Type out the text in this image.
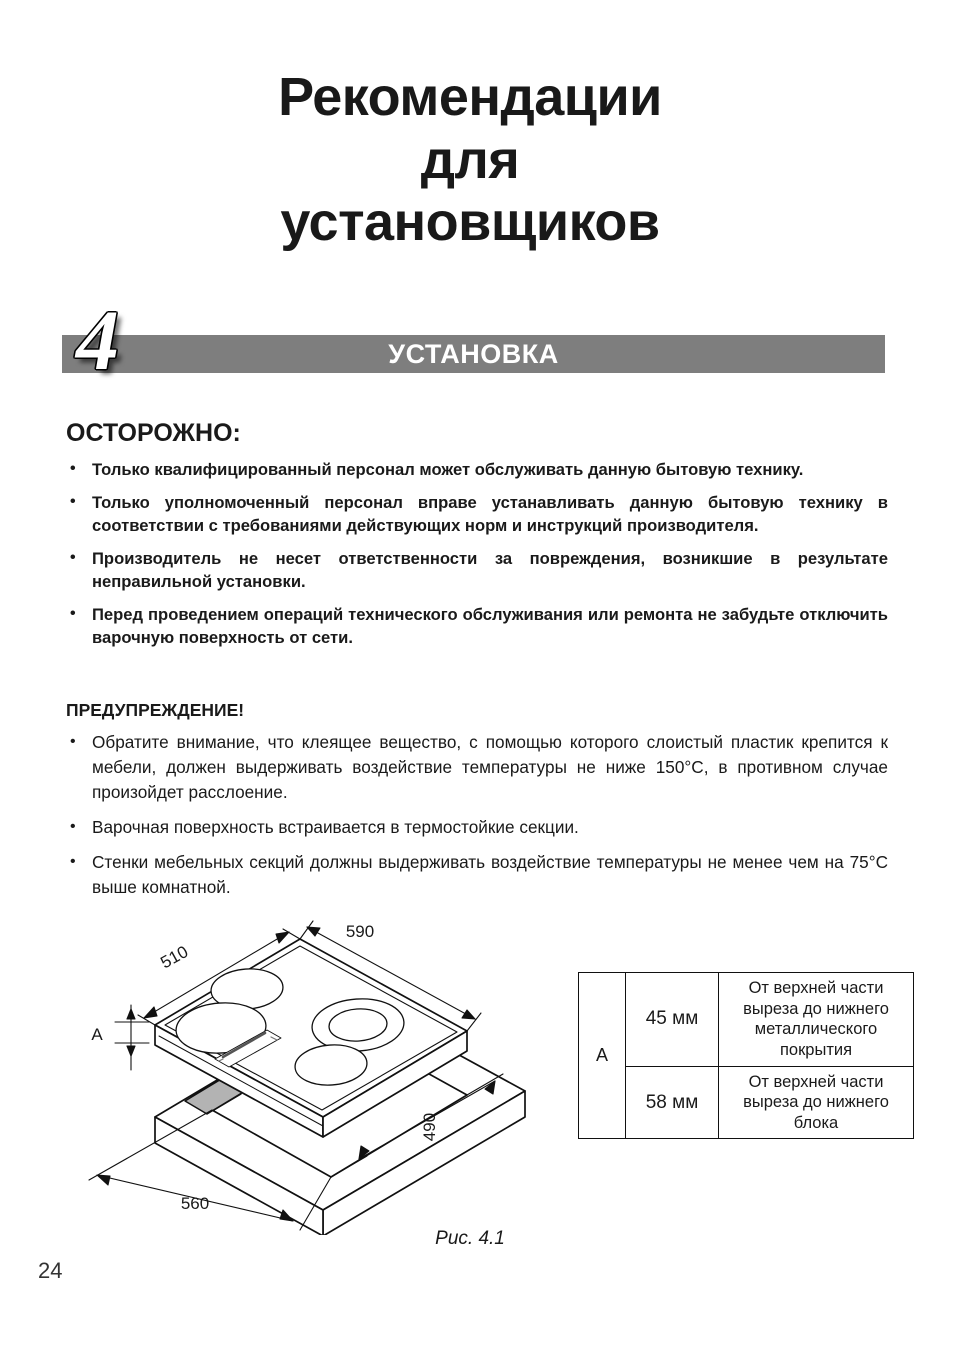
Рекомендации
для
установщиков
УСТАНОВКА
4
ОСТОРОЖНО:
• Только квалифицированный персонал может обслуживать данную бытовую технику.
• Только уполномоченный персонал вправе устанавливать данную бытовую технику в соответствии с требованиями действующих норм и инструкций производителя.
• Производитель не несет ответственности за повреждения, возникшие в результате неправильной установки.
• Перед проведением операций технического обслуживания или ремонта не забудьте отключить варочную поверхность от сети.
ПРЕДУПРЕЖДЕНИЕ!
• Обратите внимание, что клеящее вещество, с помощью которого слоистый пластик крепится к мебели, должен выдерживать воздействие температуры не ниже 150°C, в противном случае произойдет расслоение.
• Варочная поверхность встраивается в термостойкие секции.
• Стенки мебельных секций должны выдерживать воздействие температуры не менее чем на 75°C выше комнатной.
590
510
A
560
490
Рис. 4.1
A	45 мм	От верхней части выреза до нижнего металлического покрытия
	58 мм	От верхней части выреза до нижнего блока
24
